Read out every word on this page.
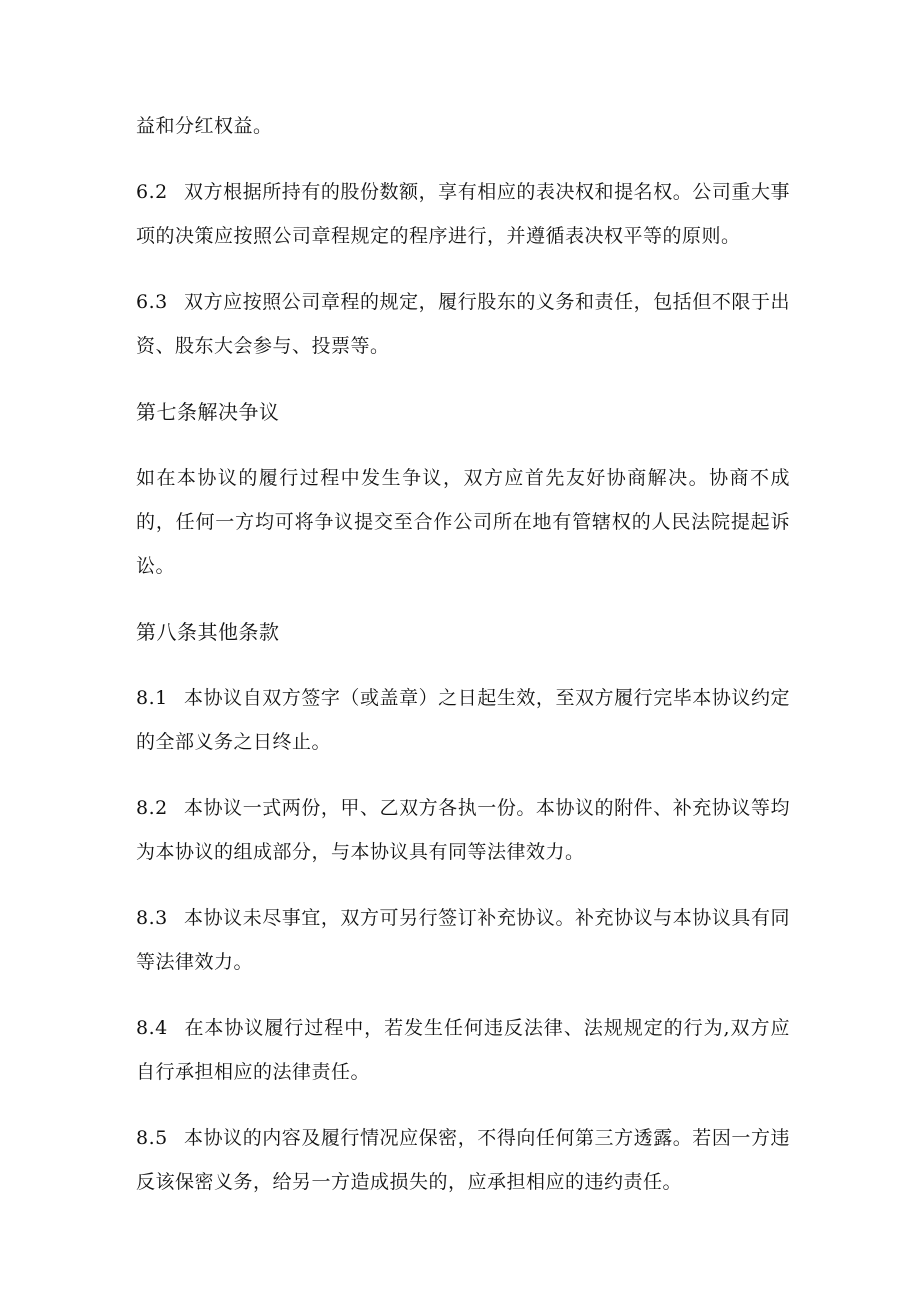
益和分红权益。

6.2 双方根据所持有的股份数额，享有相应的表决权和提名权。公司重大事项的决策应按照公司章程规定的程序进行，并遵循表决权平等的原则。

6.3 双方应按照公司章程的规定，履行股东的义务和责任，包括但不限于出资、股东大会参与、投票等。

第七条解决争议

如在本协议的履行过程中发生争议，双方应首先友好协商解决。协商不成的，任何一方均可将争议提交至合作公司所在地有管辖权的人民法院提起诉讼。

第八条其他条款

8.1 本协议自双方签字（或盖章）之日起生效，至双方履行完毕本协议约定的全部义务之日终止。

8.2 本协议一式两份，甲、乙双方各执一份。本协议的附件、补充协议等均为本协议的组成部分，与本协议具有同等法律效力。

8.3 本协议未尽事宜，双方可另行签订补充协议。补充协议与本协议具有同等法律效力。

8.4 在本协议履行过程中，若发生任何违反法律、法规规定的行为,双方应自行承担相应的法律责任。

8.5 本协议的内容及履行情况应保密，不得向任何第三方透露。若因一方违反该保密义务，给另一方造成损失的，应承担相应的违约责任。
